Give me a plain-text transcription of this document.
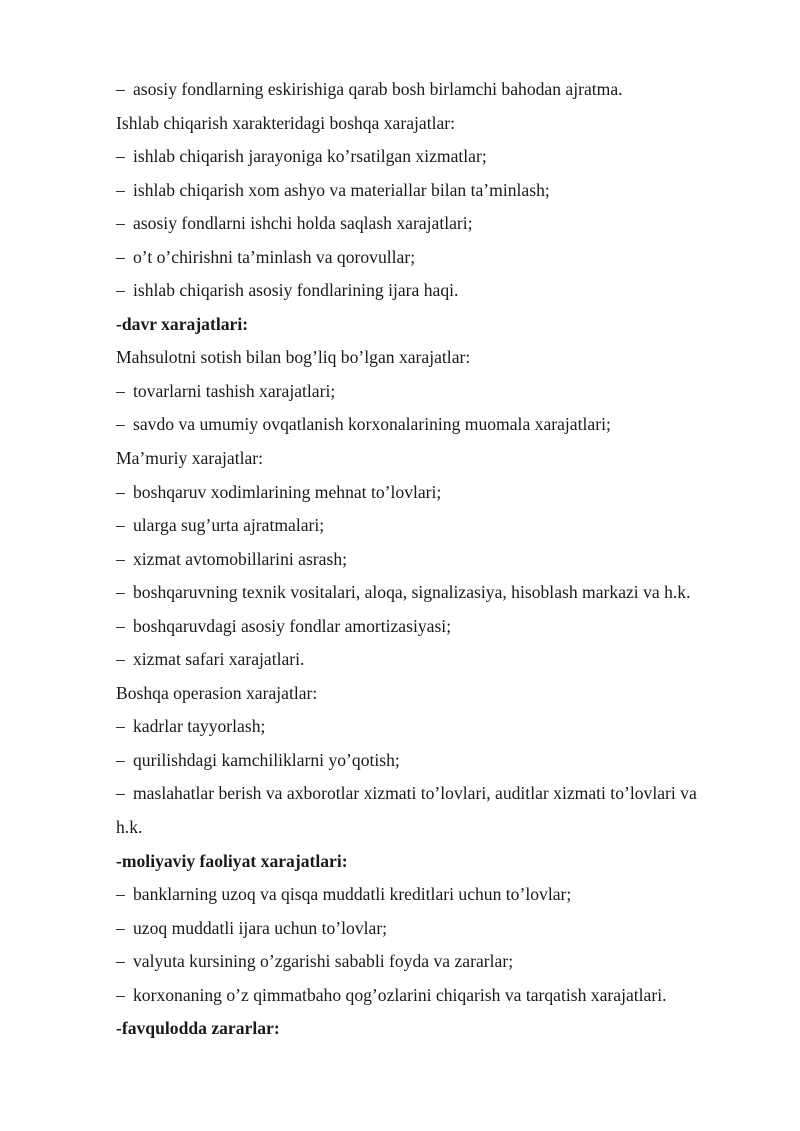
– asosiy fondlarning eskirishiga qarab bosh birlamchi bahodan ajratma.
Ishlab chiqarish xarakteridagi boshqa xarajatlar:
– ishlab chiqarish jarayoniga ko’rsatilgan xizmatlar;
– ishlab chiqarish xom ashyo va materiallar bilan ta’minlash;
– asosiy fondlarni ishchi holda saqlash xarajatlari;
– o’t o’chirishni ta’minlash va qorovullar;
– ishlab chiqarish asosiy fondlarining ijara haqi.
-davr xarajatlari:
Mahsulotni sotish bilan bog’liq bo’lgan xarajatlar:
– tovarlarni tashish xarajatlari;
– savdo va umumiy ovqatlanish korxonalarining muomala xarajatlari;
Ma’muriy xarajatlar:
– boshqaruv xodimlarining mehnat to’lovlari;
– ularga sug’urta ajratmalari;
– xizmat avtomobillarini asrash;
– boshqaruvning texnik vositalari, aloqa, signalizasiya, hisoblash markazi va h.k.
– boshqaruvdagi asosiy fondlar amortizasiyasi;
– xizmat safari xarajatlari.
Boshqa operasion xarajatlar:
– kadrlar tayyorlash;
– qurilishdagi kamchiliklarni yo’qotish;
– maslahatlar berish va axborotlar xizmati to’lovlari, auditlar xizmati to’lovlari va
h.k.
-moliyaviy faoliyat xarajatlari:
– banklarning uzoq va qisqa muddatli kreditlari uchun to’lovlar;
– uzoq muddatli ijara uchun to’lovlar;
– valyuta kursining o’zgarishi sababli foyda va zararlar;
– korxonaning o’z qimmatbaho qog’ozlarini chiqarish va tarqatish xarajatlari.
-favqulodda zararlar:
